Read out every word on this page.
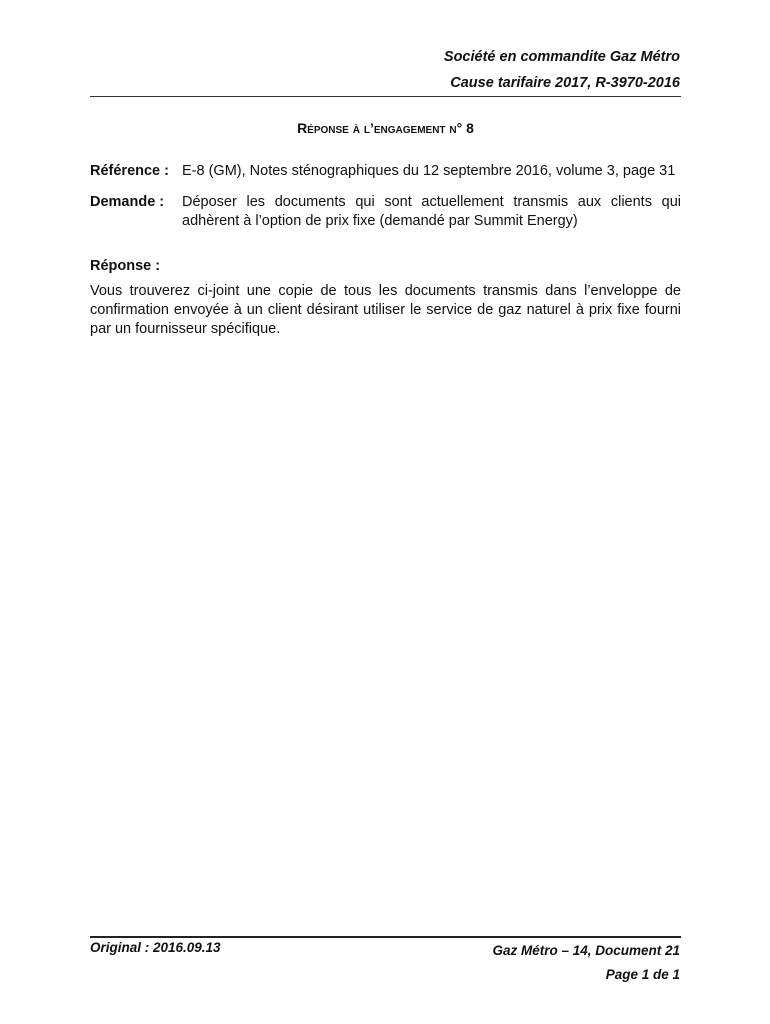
Société en commandite Gaz Métro
Cause tarifaire 2017, R-3970-2016
Réponse à l’engagement n° 8
Référence : E-8 (GM), Notes sténographiques du 12 septembre 2016, volume 3, page 31
Demande :	Déposer les documents qui sont actuellement transmis aux clients qui adhèrent à l’option de prix fixe (demandé par Summit Energy)
Réponse :
Vous trouverez ci-joint une copie de tous les documents transmis dans l’enveloppe de confirmation envoyée à un client désirant utiliser le service de gaz naturel à prix fixe fourni par un fournisseur spécifique.
Original : 2016.09.13	Gaz Métro – 14, Document 21
Page 1 de 1
